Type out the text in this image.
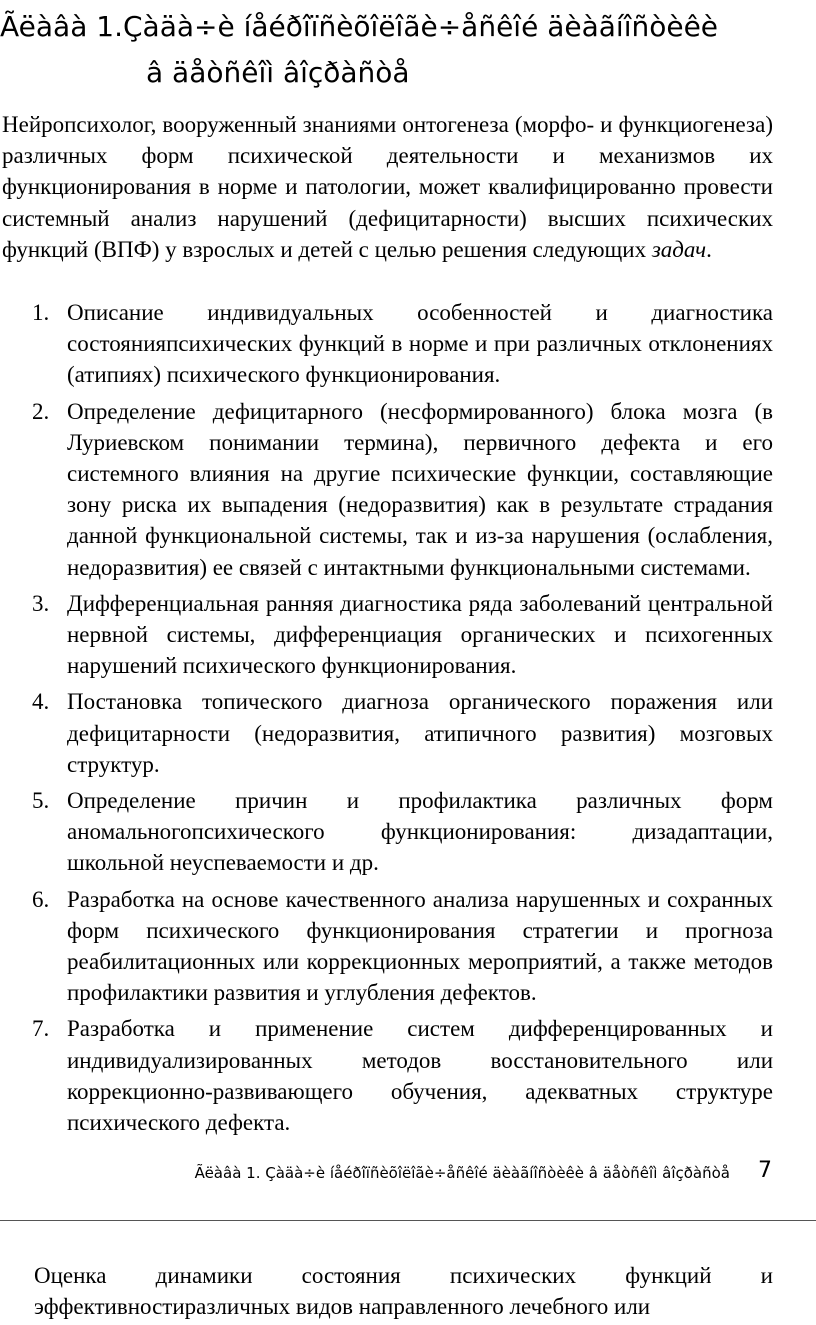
Ãëàâà 1.Çàäà÷è íåéðîïñèõîëîãè÷åñêîé äèàãíîñòèêè
â äåòñêîì âîçðàñòå

Нейропсихолог, вооруженный знаниями онтогенеза (морфо- и функциогенеза) различных форм психической деятельности и механизмов их функционирования в норме и патологии, может квалифицированно провести системный анализ нарушений (дефицитарности) высших психических функций (ВПФ) у взрослых и детей с целью решения следующих задач.

1. Описание индивидуальных особенностей и диагностика состоянияпсихических функций в норме и при различных отклонениях (атипиях) психического функционирования.
2. Определение дефицитарного (несформированного) блока мозга (в Луриевском понимании термина), первичного дефекта и его системного влияния на другие психические функции, составляющие зону риска их выпадения (недоразвития) как в результате страдания данной функциональной системы, так и из-за нарушения (ослабления, недоразвития) ее связей с интактными функциональными системами.
3. Дифференциальная ранняя диагностика ряда заболеваний центральной нервной системы, дифференциация органических и психогенных нарушений психического функционирования.
4. Постановка топического диагноза органического поражения или дефицитарности (недоразвития, атипичного развития) мозговых структур.
5. Определение причин и профилактика различных форм аномальногопсихического функционирования: дизадаптации, школьной неуспеваемости и др.
6. Разработка на основе качественного анализа нарушенных и сохранных форм психического функционирования стратегии и прогноза реабилитационных или коррекционных мероприятий, а также методов профилактики развития и углубления дефектов.
7. Разработка и применение систем дифференцированных и индивидуализированных методов восстановительного или коррекционно-развивающего обучения, адекватных структуре психического дефекта.
Ãëàâà 1. Çàäà÷è íåéðîïñèõîëîãè÷åñêîé äèàãíîñòèêè â äåòñêîì âîçðàñòå 7

Оценка динамики состояния психических функций и эффективностиразличных видов направленного лечебного или
